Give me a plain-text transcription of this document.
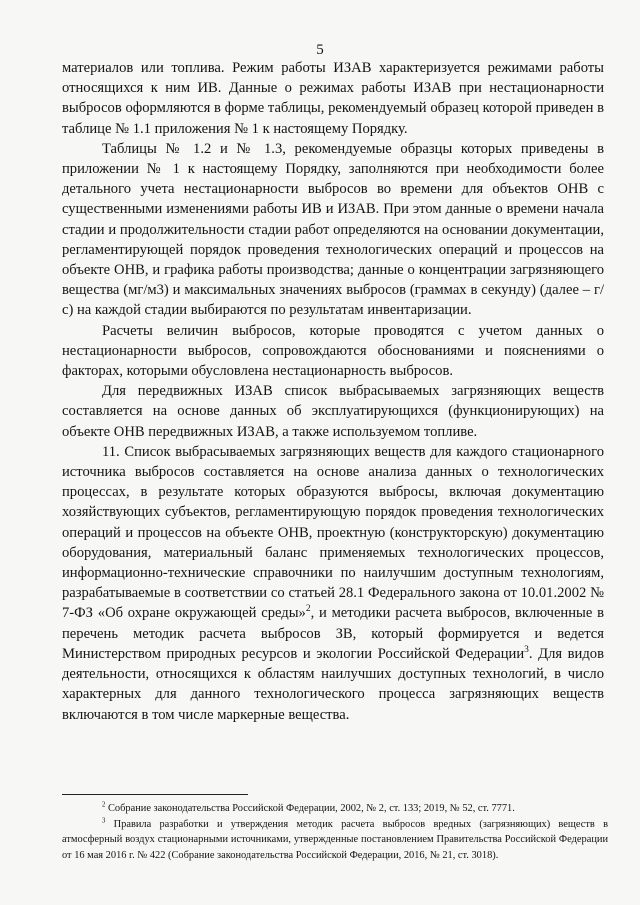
5

материалов или топлива. Режим работы ИЗАВ характеризуется режимами работы относящихся к ним ИВ. Данные о режимах работы ИЗАВ при нестационарности выбросов оформляются в форме таблицы, рекомендуемый образец которой приведен в таблице № 1.1 приложения № 1 к настоящему Порядку.

Таблицы № 1.2 и № 1.3, рекомендуемые образцы которых приведены в приложении № 1 к настоящему Порядку, заполняются при необходимости более детального учета нестационарности выбросов во времени для объектов ОНВ с существенными изменениями работы ИВ и ИЗАВ. При этом данные о времени начала стадии и продолжительности стадии работ определяются на основании документации, регламентирующей порядок проведения технологических операций и процессов на объекте ОНВ, и графика работы производства; данные о концентрации загрязняющего вещества (мг/м3) и максимальных значениях выбросов (граммах в секунду) (далее – г/с) на каждой стадии выбираются по результатам инвентаризации.

Расчеты величин выбросов, которые проводятся с учетом данных о нестационарности выбросов, сопровождаются обоснованиями и пояснениями о факторах, которыми обусловлена нестационарность выбросов.

Для передвижных ИЗАВ список выбрасываемых загрязняющих веществ составляется на основе данных об эксплуатирующихся (функционирующих) на объекте ОНВ передвижных ИЗАВ, а также используемом топливе.

11. Список выбрасываемых загрязняющих веществ для каждого стационарного источника выбросов составляется на основе анализа данных о технологических процессах, в результате которых образуются выбросы, включая документацию хозяйствующих субъектов, регламентирующую порядок проведения технологических операций и процессов на объекте ОНВ, проектную (конструкторскую) документацию оборудования, материальный баланс применяемых технологических процессов, информационно-технические справочники по наилучшим доступным технологиям, разрабатываемые в соответствии со статьей 28.1 Федерального закона от 10.01.2002 № 7-ФЗ «Об охране окружающей среды»$^2$, и методики расчета выбросов, включенные в перечень методик расчета выбросов ЗВ, который формируется и ведется Министерством природных ресурсов и экологии Российской Федерации$^3$. Для видов деятельности, относящихся к областям наилучших доступных технологий, в число характерных для данного технологического процесса загрязняющих веществ включаются в том числе маркерные вещества.

$^2$ Собрание законодательства Российской Федерации, 2002, № 2, ст. 133; 2019, № 52, ст. 7771.

$^3$ Правила разработки и утверждения методик расчета выбросов вредных (загрязняющих) веществ в атмосферный воздух стационарными источниками, утвержденные постановлением Правительства Российской Федерации от 16 мая 2016 г. № 422 (Собрание законодательства Российской Федерации, 2016, № 21, ст. 3018).
